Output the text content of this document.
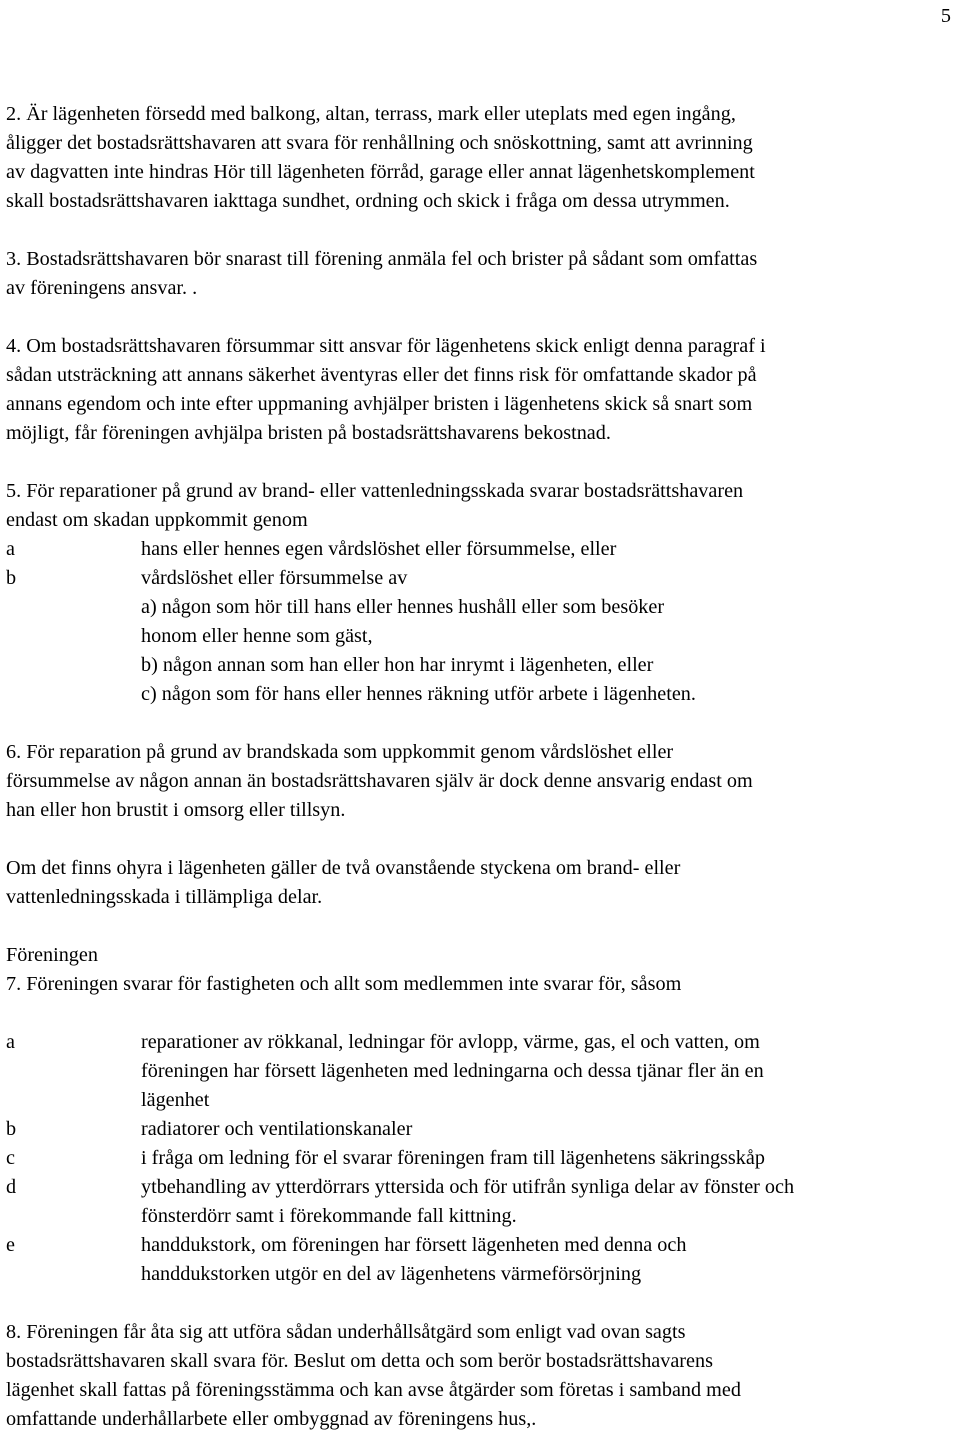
5
2. Är lägenheten försedd med balkong, altan, terrass, mark eller uteplats med egen ingång,
åligger det bostadsrättshavaren att svara för renhållning och snöskottning, samt att avrinning
av dagvatten inte hindras Hör till lägenheten förråd, garage eller annat lägenhetskomplement
skall bostadsrättshavaren iakttaga sundhet, ordning och skick i fråga om dessa utrymmen.
3. Bostadsrättshavaren bör snarast till förening anmäla fel och brister på sådant som omfattas
av föreningens ansvar. .
4. Om bostadsrättshavaren försummar sitt ansvar för lägenhetens skick enligt denna paragraf i
sådan utsträckning att annans säkerhet äventyras eller det finns risk för omfattande skador på
annans egendom och inte efter uppmaning avhjälper bristen i lägenhetens skick så snart som
möjligt, får föreningen avhjälpa bristen på bostadsrättshavarens bekostnad.
5. För reparationer på grund av brand- eller vattenledningsskada svarar bostadsrättshavaren
endast om skadan uppkommit genom
a	hans eller hennes egen vårdslöshet eller försummelse, eller
b	vårdslöshet eller försummelse av
a) någon som hör till hans eller hennes hushåll eller som besöker
honom eller henne som gäst,
b) någon annan som han eller hon har inrymt i lägenheten, eller
c) någon som för hans eller hennes räkning utför arbete i lägenheten.
6. För reparation på grund av brandskada som uppkommit genom vårdslöshet eller
försummelse av någon annan än bostadsrättshavaren själv är dock denne ansvarig endast om
han eller hon brustit i omsorg eller tillsyn.
Om det finns ohyra i lägenheten gäller de två ovanstående styckena om brand- eller
vattenledningsskada i tillämpliga delar.
Föreningen
7. Föreningen svarar för fastigheten och allt som medlemmen inte svarar för, såsom
a	reparationer av rökkanal, ledningar för avlopp, värme, gas, el och vatten, om
föreningen har försett lägenheten med ledningarna och dessa tjänar fler än en
lägenhet
b	radiatorer och ventilationskanaler
c	i fråga om ledning för el svarar föreningen fram till lägenhetens säkringsskåp
d	ytbehandling av ytterdörrars yttersida och för utifrån synliga delar av fönster och
fönsterdörr samt i förekommande fall kittning.
e	handdukstork, om föreningen har försett lägenheten med denna och
handdukstorken utgör en del av lägenhetens värmeförsörjning
8. Föreningen får åta sig att utföra sådan underhållsåtgärd som enligt vad ovan sagts
bostadsrättshavaren skall svara för. Beslut om detta och som berör bostadsrättshavarens
lägenhet skall fattas på föreningsstämma och kan avse åtgärder som företas i samband med
omfattande underhållarbete eller ombyggnad av föreningens hus,.
